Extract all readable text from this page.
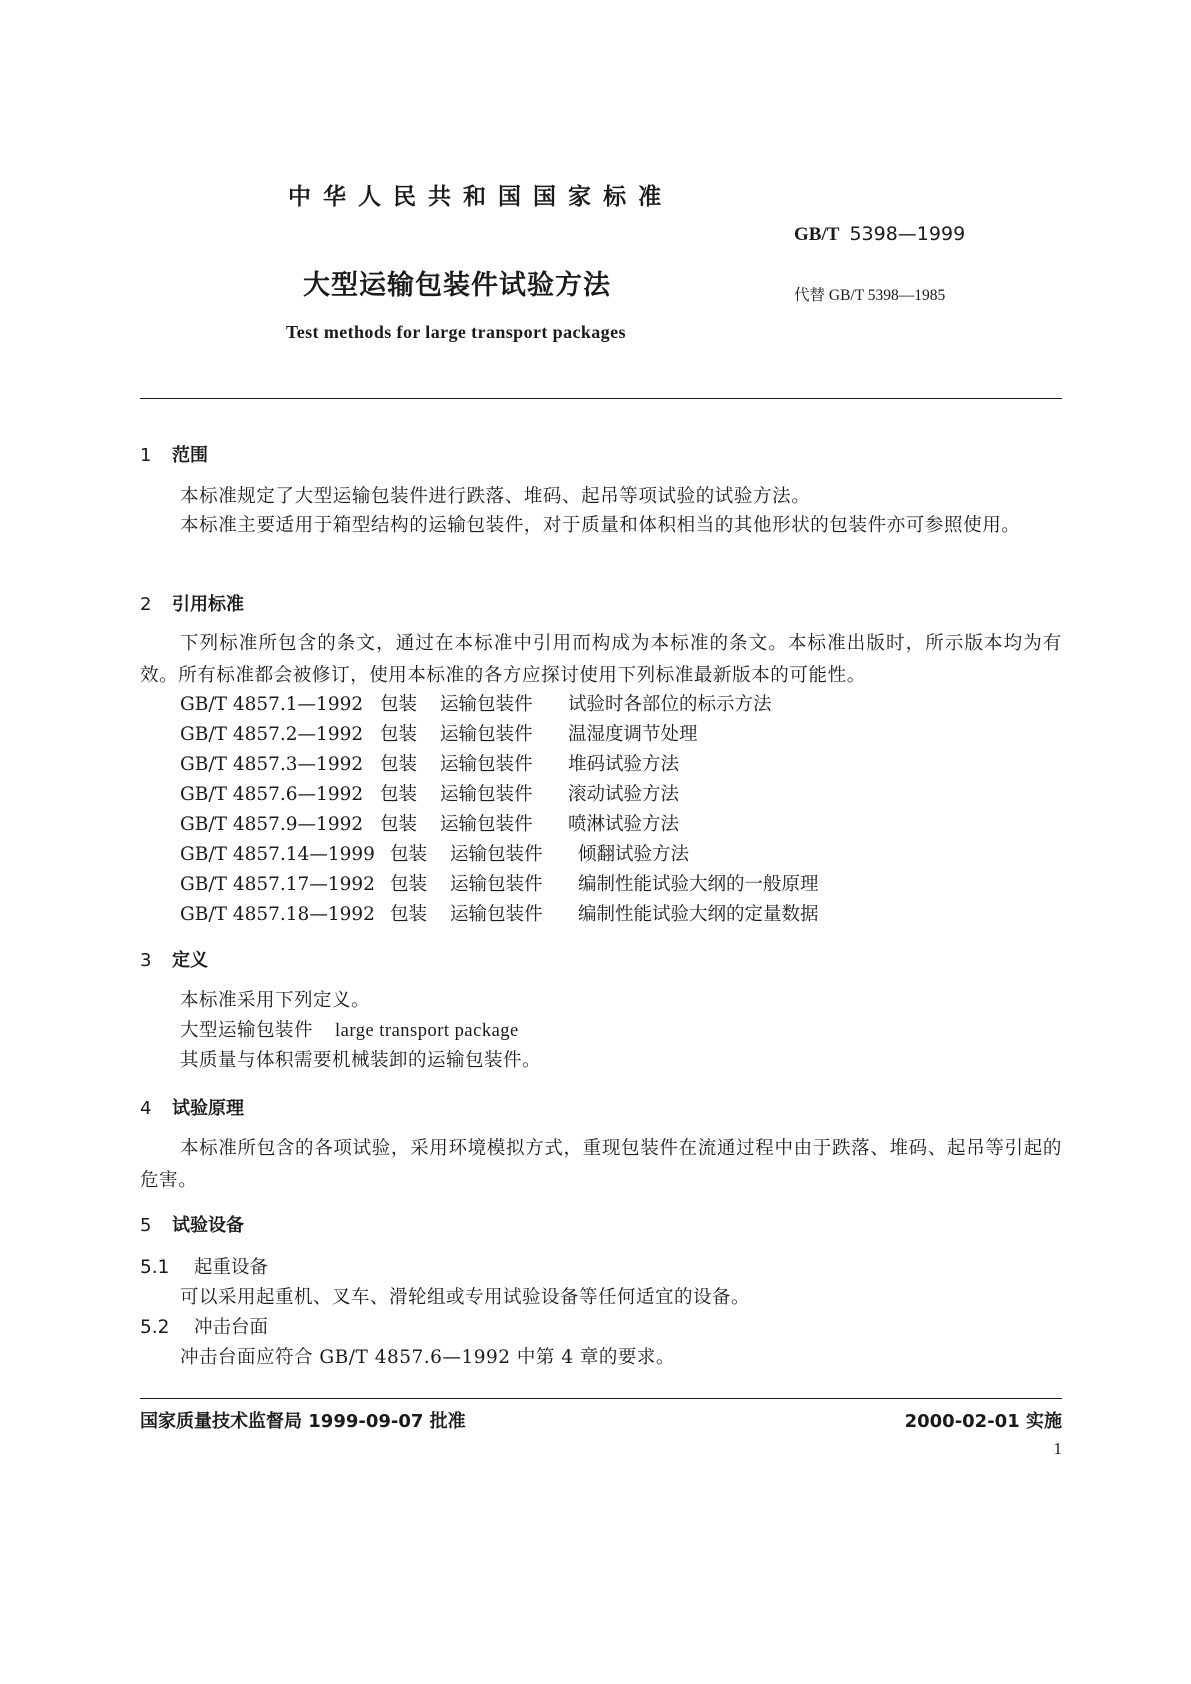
中 华 人 民 共 和 国 国 家 标 准
GB/T 5398—1999
大型运输包装件试验方法	代替 GB/T 5398—1985
Test methods for large transport packages
1 范围
本标准规定了大型运输包装件进行跌落、堆码、起吊等项试验的试验方法。
本标准主要适用于箱型结构的运输包装件，对于质量和体积相当的其他形状的包装件亦可参照使用。
2 引用标准
下列标准所包含的条文，通过在本标准中引用而构成为本标准的条文。本标准出版时，所示版本均为有效。所有标准都会被修订，使用本标准的各方应探讨使用下列标准最新版本的可能性。
GB/T 4857.1—1992 包装 运输包装件 试验时各部位的标示方法
GB/T 4857.2—1992 包装 运输包装件 温湿度调节处理
GB/T 4857.3—1992 包装 运输包装件 堆码试验方法
GB/T 4857.6—1992 包装 运输包装件 滚动试验方法
GB/T 4857.9—1992 包装 运输包装件 喷淋试验方法
GB/T 4857.14—1999 包装 运输包装件 倾翻试验方法
GB/T 4857.17—1992 包装 运输包装件 编制性能试验大纲的一般原理
GB/T 4857.18—1992 包装 运输包装件 编制性能试验大纲的定量数据
3 定义
本标准采用下列定义。
大型运输包装件 large transport package
其质量与体积需要机械装卸的运输包装件。
4 试验原理
本标准所包含的各项试验，采用环境模拟方式，重现包装件在流通过程中由于跌落、堆码、起吊等引起的危害。
5 试验设备
5.1 起重设备
可以采用起重机、叉车、滑轮组或专用试验设备等任何适宜的设备。
5.2 冲击台面
冲击台面应符合 GB/T 4857.6—1992 中第 4 章的要求。
国家质量技术监督局 1999-09-07 批准	2000-02-01 实施
1
